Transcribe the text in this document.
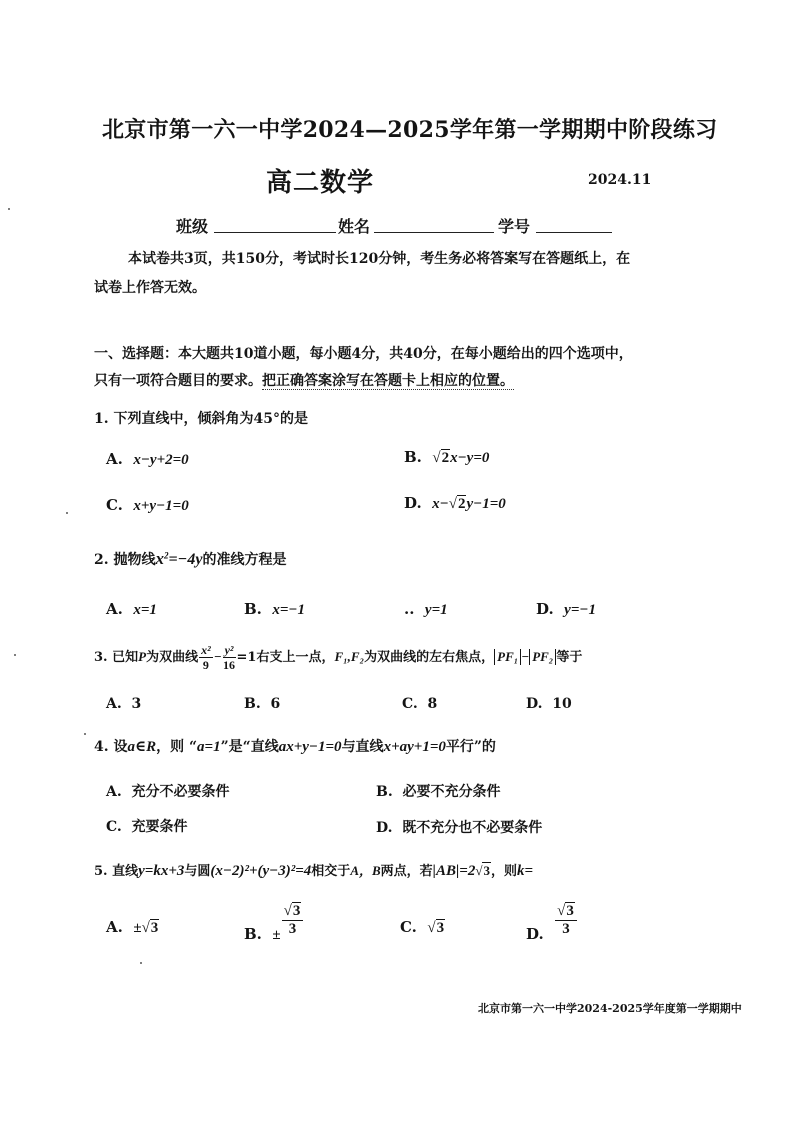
北京市第一六一中学2024—2025学年第一学期期中阶段练习
高二数学	2024.11
班级	姓名	学号
本试卷共3页，共150分，考试时长120分钟，考生务必将答案写在答题纸上，在
试卷上作答无效。
一、选择题：本大题共10道小题，每小题4分，共40分，在每小题给出的四个选项中，
只有一项符合题目的要求。把正确答案涂写在答题卡上相应的位置。
1. 下列直线中，倾斜角为45°的是
A. x−y+2=0	B. √2x−y=0
C. x+y−1=0	D. x−√2y−1=0
2. 抛物线$x^2=-4y$的准线方程是
A. x=1	B. x=−1	.. y=1	D. y=−1
3. 已知P为双曲线 $\frac{\text{x²}}{9} - \frac{\text{y²}}{16} =1$右支上一点，F₁,F₂为双曲线的左右焦点， PF₁ − PF₂ 等于
A. 3	B. 6	C. 8	D. 10
4. 设a∈R，则 “a=1”是“直线ax+y−1=0与直线x+ay+1=0平行”的
A. 充分不必要条件	B. 必要不充分条件
C. 充要条件	D. 既不充分也不必要条件
5. 直线y=kx+3与圆(x−2)²+(y−3)²=4相交于A，B两点，若|AB|=2√3，则k=
A. ±√3	B. ± $\frac{√3}{3}$	C. √3	D. $\frac{√3}{3}$
北京市第一六一中学2024-2025学年度第一学期期中
